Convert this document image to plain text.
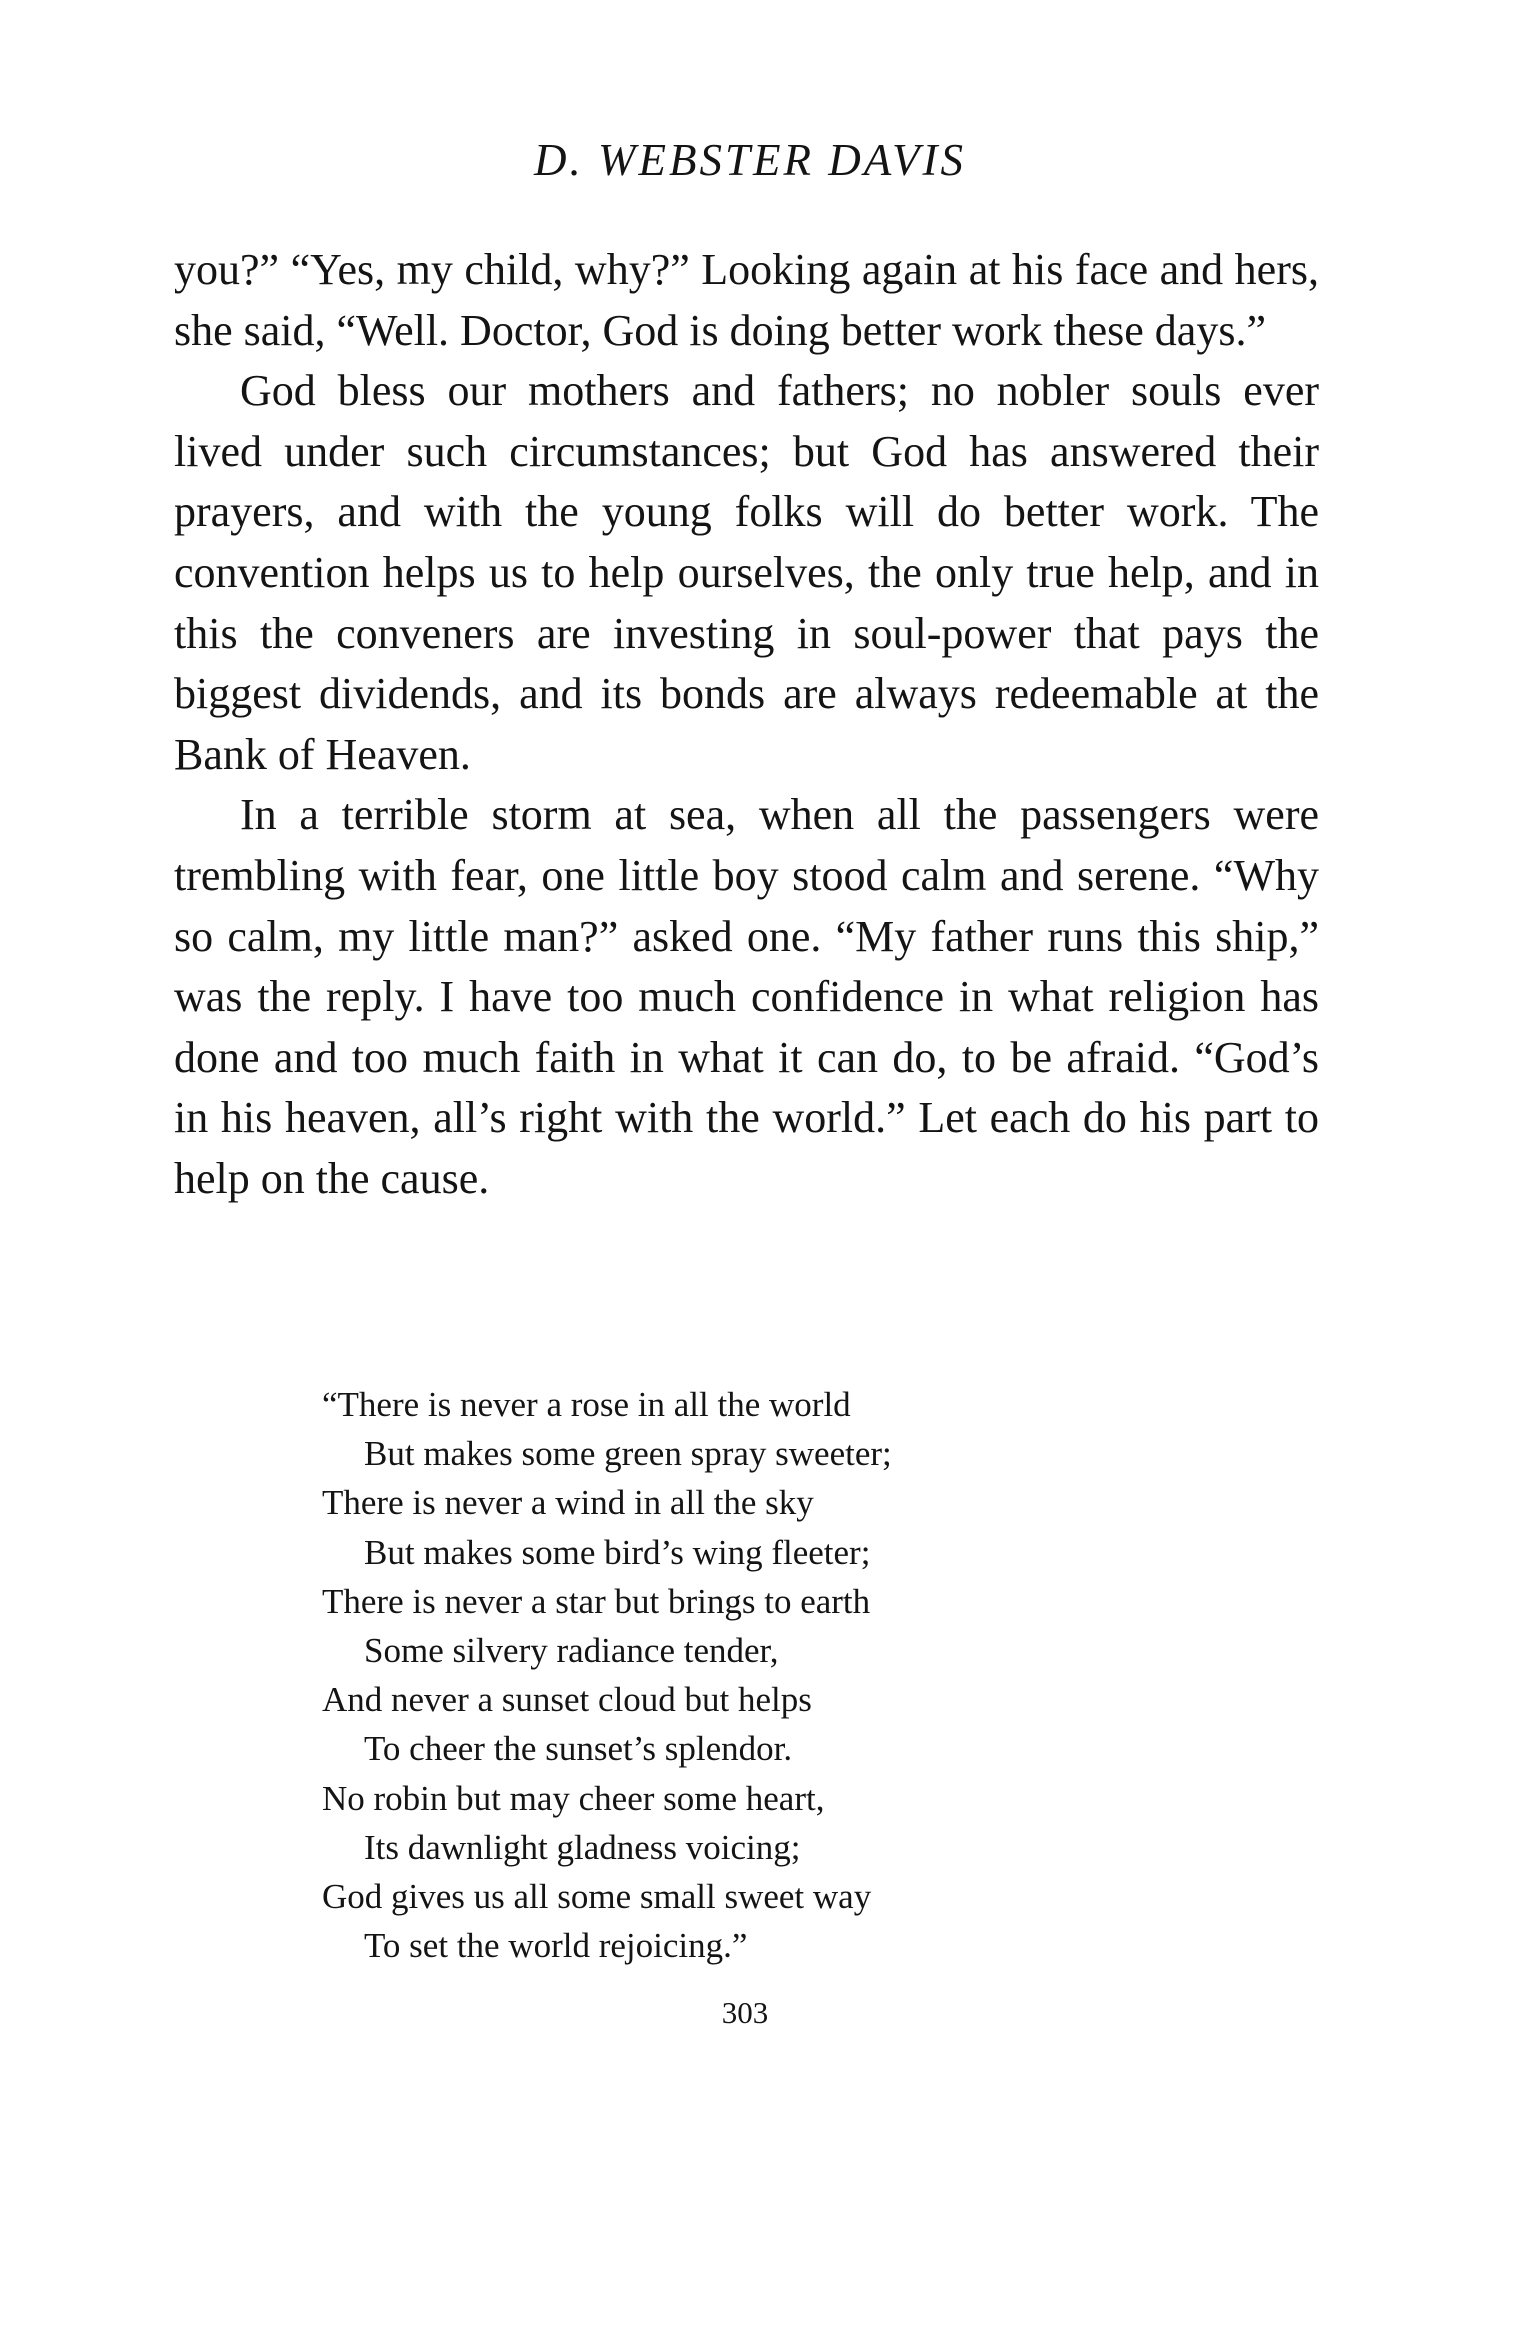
D. WEBSTER DAVIS

you?” “Yes, my child, why?” Looking again at his face and hers, she said, “Well. Doctor, God is doing better work these days.”

God bless our mothers and fathers; no nobler souls ever lived under such circumstances; but God has answered their prayers, and with the young folks will do better work. The convention helps us to help ourselves, the only true help, and in this the conveners are investing in soul-power that pays the biggest dividends, and its bonds are always redeemable at the Bank of Heaven.

In a terrible storm at sea, when all the passengers were trembling with fear, one little boy stood calm and serene. “Why so calm, my little man?” asked one. “My father runs this ship,” was the reply. I have too much confidence in what religion has done and too much faith in what it can do, to be afraid. “God’s in his heaven, all’s right with the world.” Let each do his part to help on the cause.

“There is never a rose in all the world
But makes some green spray sweeter;
There is never a wind in all the sky
But makes some bird’s wing fleeter;
There is never a star but brings to earth
Some silvery radiance tender,
And never a sunset cloud but helps
To cheer the sunset’s splendor.
No robin but may cheer some heart,
Its dawnlight gladness voicing;
God gives us all some small sweet way
To set the world rejoicing.”
303
